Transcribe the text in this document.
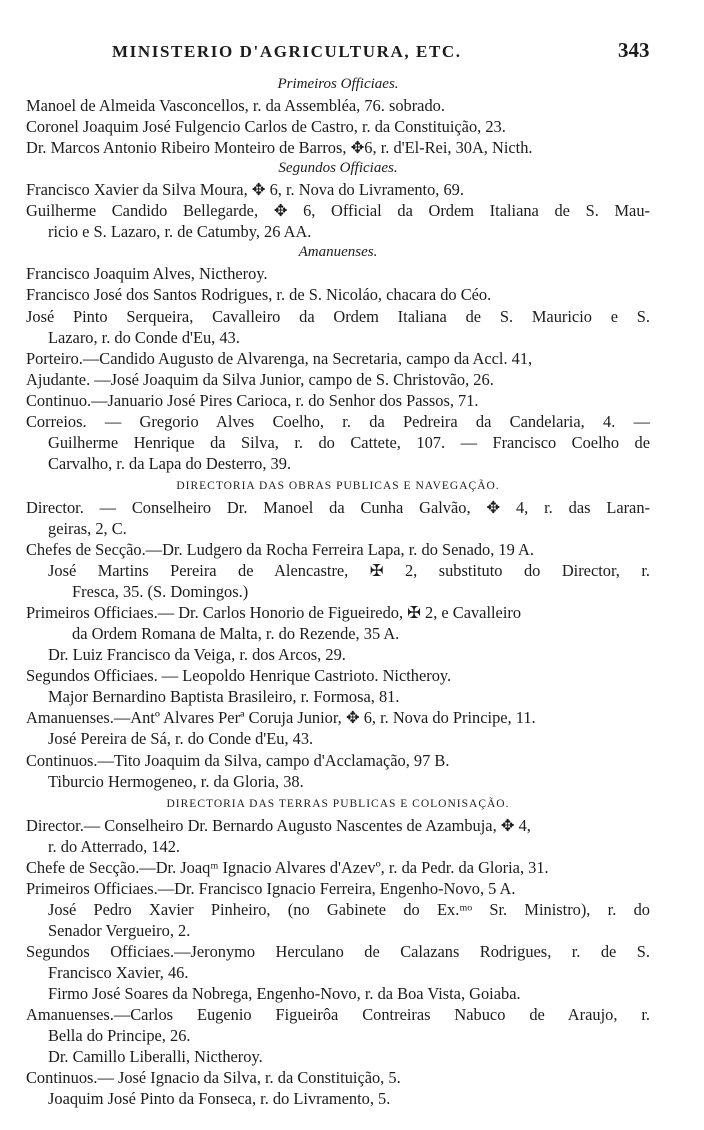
MINISTERIO D'AGRICULTURA, ETC.	343
Primeiros Officiaes.
Manoel de Almeida Vasconcellos, r. da Assembléa, 76. sobrado.
Coronel Joaquim José Fulgencio Carlos de Castro, r. da Constituição, 23.
Dr. Marcos Antonio Ribeiro Monteiro de Barros, ✥6, r. d'El-Rei, 30A, Nicth.
Segundos Officiaes.
Francisco Xavier da Silva Moura, ✥ 6, r. Nova do Livramento, 69.
Guilherme Candido Bellegarde, ✥ 6, Official da Ordem Italiana de S. Mau-
ricio e S. Lazaro, r. de Catumby, 26 AA.
Amanuenses.
Francisco Joaquim Alves, Nictheroy.
Francisco José dos Santos Rodrigues, r. de S. Nicoláo, chacara do Céo.
José Pinto Serqueira, Cavalleiro da Ordem Italiana de S. Mauricio e S.
Lazaro, r. do Conde d'Eu, 43.
Porteiro.—Candido Augusto de Alvarenga, na Secretaria, campo da Accl. 41,
Ajudante. —José Joaquim da Silva Junior, campo de S. Christovão, 26.
Continuo.—Januario José Pires Carioca, r. do Senhor dos Passos, 71.
Correios. — Gregorio Alves Coelho, r. da Pedreira da Candelaria, 4. —
Guilherme Henrique da Silva, r. do Cattete, 107. — Francisco Coelho de
Carvalho, r. da Lapa do Desterro, 39.
DIRECTORIA DAS OBRAS PUBLICAS E NAVEGAÇÃO.
Director. — Conselheiro Dr. Manoel da Cunha Galvão, ✥ 4, r. das Laran-
geiras, 2, C.
Chefes de Secção.—Dr. Ludgero da Rocha Ferreira Lapa, r. do Senado, 19 A.
José Martins Pereira de Alencastre, ✠ 2, substituto do Director, r.
Fresca, 35. (S. Domingos.)
Primeiros Officiaes.— Dr. Carlos Honorio de Figueiredo, ✠ 2, e Cavalleiro
da Ordem Romana de Malta, r. do Rezende, 35 A.
Dr. Luiz Francisco da Veiga, r. dos Arcos, 29.
Segundos Officiaes. — Leopoldo Henrique Castrioto. Nictheroy.
Major Bernardino Baptista Brasileiro, r. Formosa, 81.
Amanuenses.—Antº Alvares Perª Coruja Junior, ✥ 6, r. Nova do Principe, 11.
José Pereira de Sá, r. do Conde d'Eu, 43.
Continuos.—Tito Joaquim da Silva, campo d'Acclamação, 97 B.
Tiburcio Hermogeneo, r. da Gloria, 38.
DIRECTORIA DAS TERRAS PUBLICAS E COLONISAÇÃO.
Director.— Conselheiro Dr. Bernardo Augusto Nascentes de Azambuja, ✥ 4,
r. do Atterrado, 142.
Chefe de Secção.—Dr. Joaqᵐ Ignacio Alvares d'Azevº, r. da Pedr. da Gloria, 31.
Primeiros Officiaes.—Dr. Francisco Ignacio Ferreira, Engenho-Novo, 5 A.
José Pedro Xavier Pinheiro, (no Gabinete do Ex.ᵐᵒ Sr. Ministro), r. do
Senador Vergueiro, 2.
Segundos Officiaes.—Jeronymo Herculano de Calazans Rodrigues, r. de S.
Francisco Xavier, 46.
Firmo José Soares da Nobrega, Engenho-Novo, r. da Boa Vista, Goiaba.
Amanuenses.—Carlos Eugenio Figueirôa Contreiras Nabuco de Araujo, r.
Bella do Principe, 26.
Dr. Camillo Liberalli, Nictheroy.
Continuos.— José Ignacio da Silva, r. da Constituição, 5.
Joaquim José Pinto da Fonseca, r. do Livramento, 5.
